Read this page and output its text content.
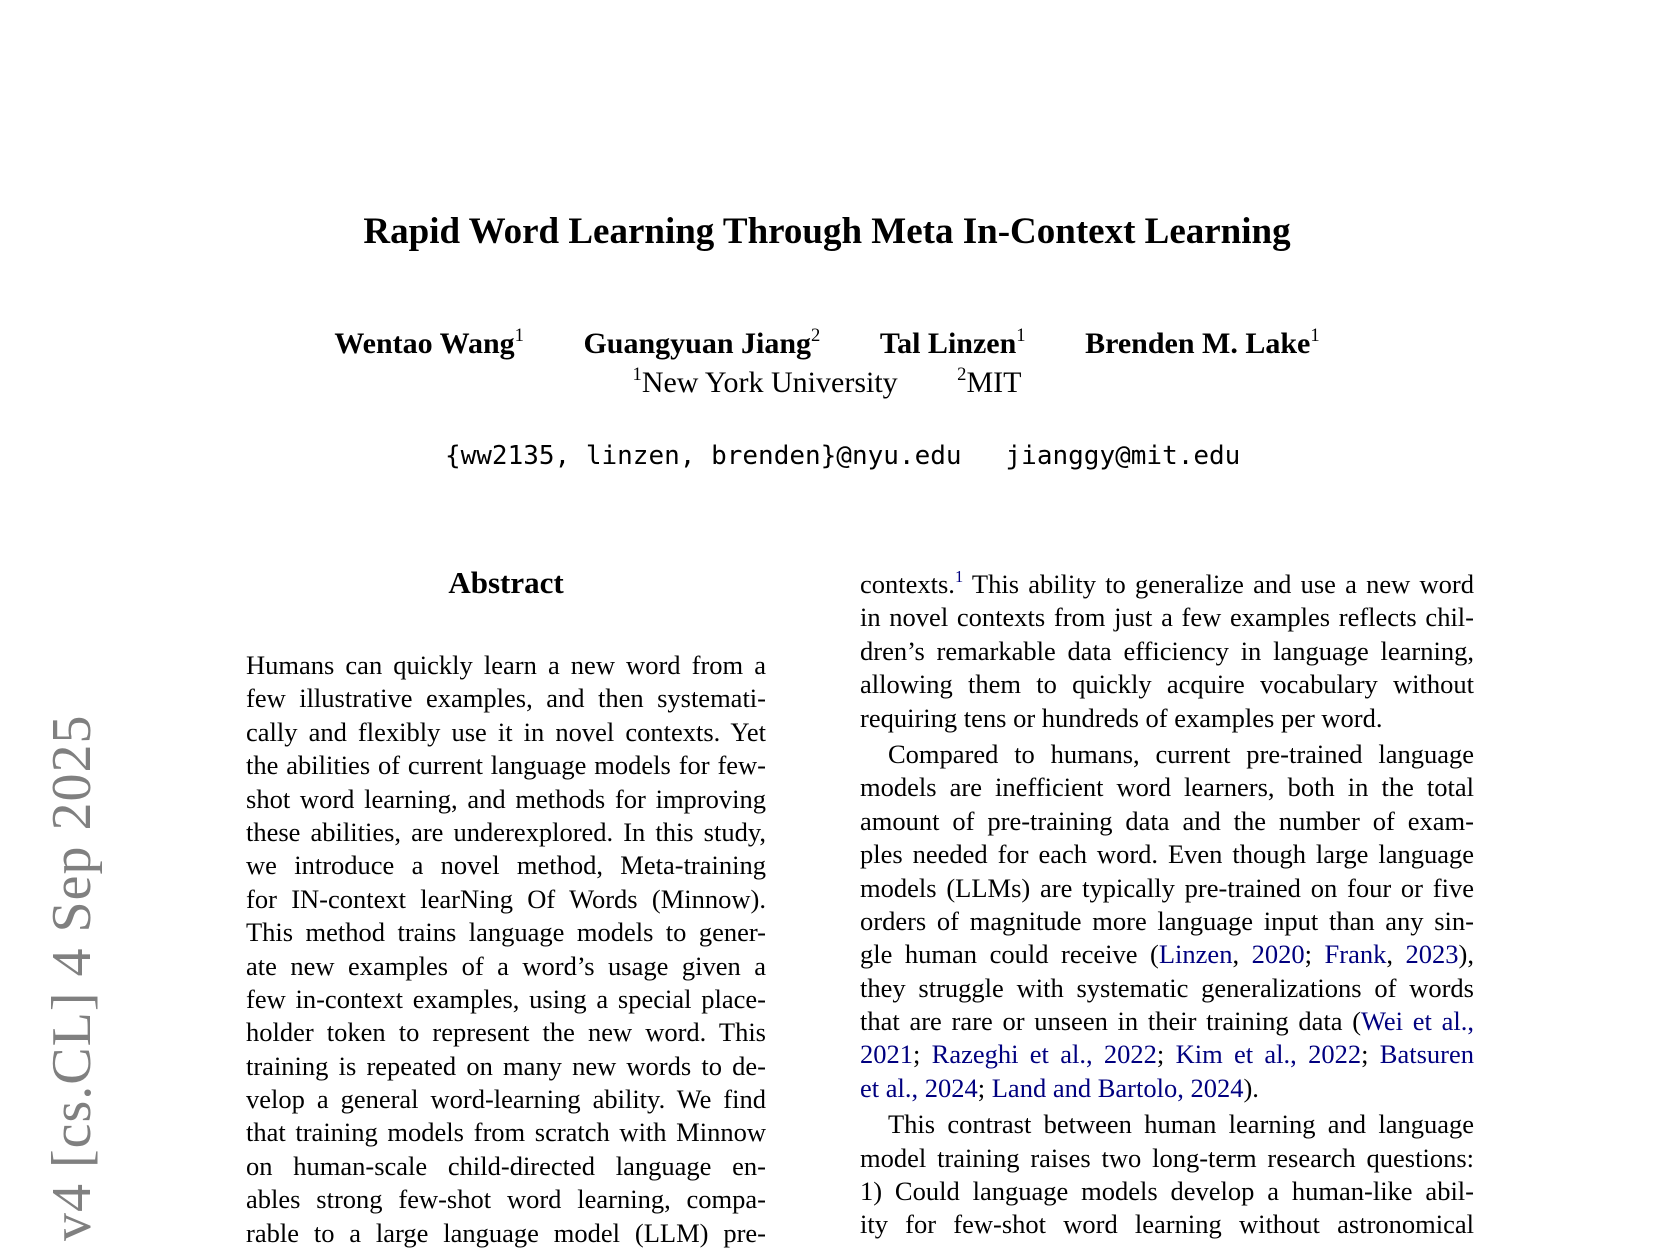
v4 [cs.CL] 4 Sep 2025
Rapid Word Learning Through Meta In-Context Learning
Wentao Wang$^1$ Guangyuan Jiang$^2$ Tal Linzen$^1$ Brenden M. Lake$^1$
$^1$New York University	$^2$MIT

{ww2135, linzen, brenden}@nyu.edu jianggy@mit.edu

Abstract
Humans can quickly learn a new word from a
few illustrative examples, and then systemati-
cally and flexibly use it in novel contexts. Yet
the abilities of current language models for few-
shot word learning, and methods for improving
these abilities, are underexplored. In this study,
we introduce a novel method, Meta-training
for IN-context learNing Of Words (Minnow).
This method trains language models to gener-
ate new examples of a word’s usage given a
few in-context examples, using a special place-
holder token to represent the new word. This
training is repeated on many new words to de-
velop a general word-learning ability. We find
that training models from scratch with Minnow
on human-scale child-directed language en-
ables strong few-shot word learning, compa-
rable to a large language model (LLM) pre-
contexts.$^1$ This ability to generalize and use a new word
in novel contexts from just a few examples reflects chil-
dren’s remarkable data efficiency in language learning,
allowing them to quickly acquire vocabulary without
requiring tens or hundreds of examples per word.
Compared to humans, current pre-trained language
models are inefficient word learners, both in the total
amount of pre-training data and the number of exam-
ples needed for each word. Even though large language
models (LLMs) are typically pre-trained on four or five
orders of magnitude more language input than any sin-
gle human could receive (Linzen, 2020; Frank, 2023),
they struggle with systematic generalizations of words
that are rare or unseen in their training data (Wei et al.,
2021; Razeghi et al., 2022; Kim et al., 2022; Batsuren
et al., 2024; Land and Bartolo, 2024).
This contrast between human learning and language
model training raises two long-term research questions:
1) Could language models develop a human-like abil-
ity for few-shot word learning without astronomical
